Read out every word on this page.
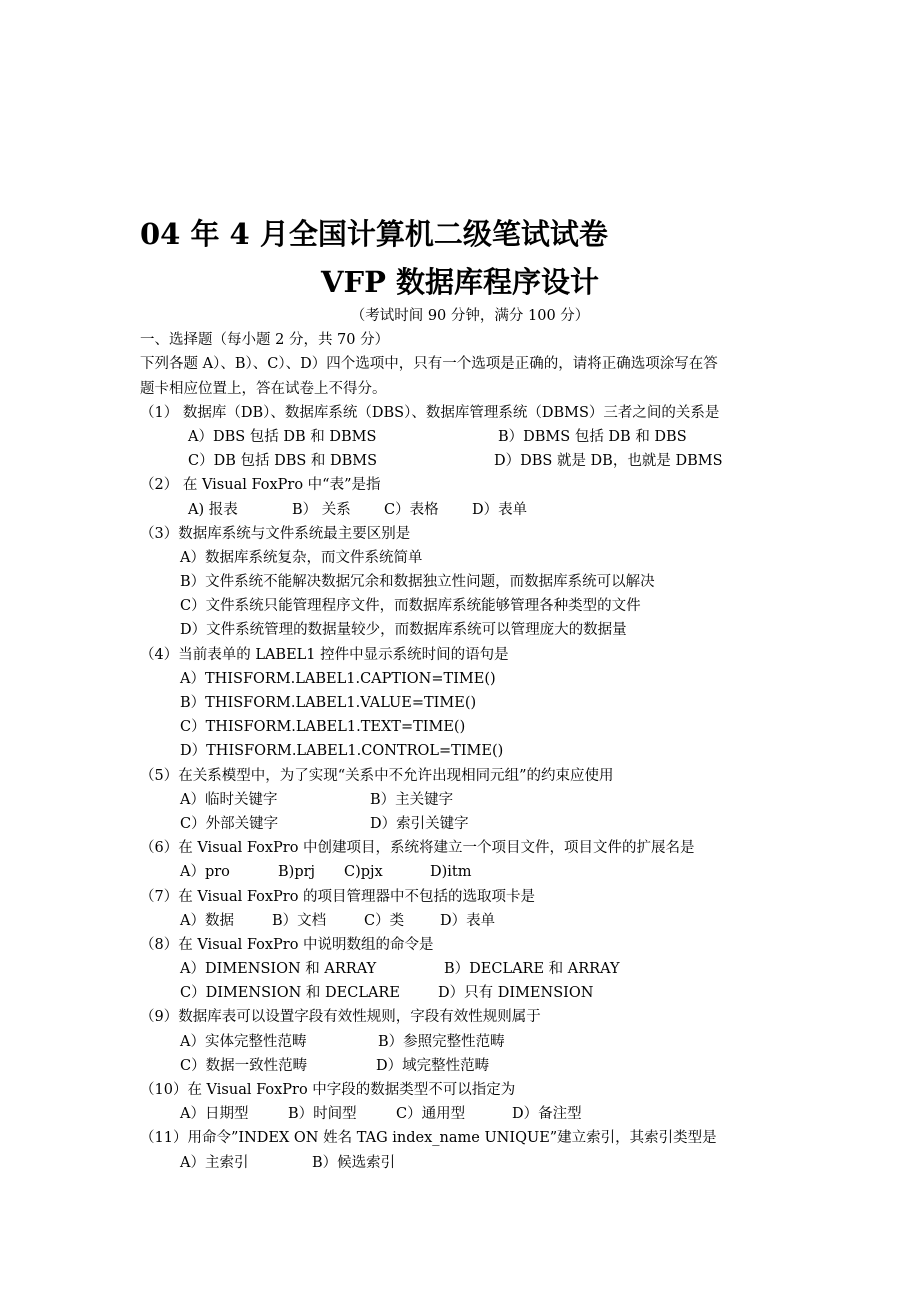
04 年 4 月全国计算机二级笔试试卷
VFP 数据库程序设计
（考试时间 90 分钟，满分 100 分）
一、选择题（每小题 2 分，共 70 分）
下列各题 A）、B）、C）、D）四个选项中，只有一个选项是正确的，请将正确选项涂写在答
题卡相应位置上，答在试卷上不得分。
（1） 数据库（DB）、数据库系统（DBS）、数据库管理系统（DBMS）三者之间的关系是
A）DBS 包括 DB 和 DBMS	B）DBMS 包括 DB 和 DBS
C）DB 包括 DBS 和 DBMS	D）DBS 就是 DB，也就是 DBMS
（2） 在 Visual FoxPro 中“表”是指
A) 报表	B） 关系 C）表格 D）表单
（3）数据库系统与文件系统最主要区别是
A）数据库系统复杂，而文件系统简单
B）文件系统不能解决数据冗余和数据独立性问题，而数据库系统可以解决
C）文件系统只能管理程序文件，而数据库系统能够管理各种类型的文件
D）文件系统管理的数据量较少，而数据库系统可以管理庞大的数据量
（4）当前表单的 LABEL1 控件中显示系统时间的语句是
A）THISFORM.LABEL1.CAPTION=TIME()
B）THISFORM.LABEL1.VALUE=TIME()
C）THISFORM.LABEL1.TEXT=TIME()
D）THISFORM.LABEL1.CONTROL=TIME()
（5）在关系模型中，为了实现“关系中不允许出现相同元组”的约束应使用
A）临时关键字	B）主关键字
C）外部关键字	D）索引关键字
（6）在 Visual FoxPro 中创建项目，系统将建立一个项目文件，项目文件的扩展名是
A）pro	B)prj C)pjx	D)itm
（7）在 Visual FoxPro 的项目管理器中不包括的选取项卡是
A）数据	B）文档	C）类 D）表单
（8）在 Visual FoxPro 中说明数组的命令是
A）DIMENSION 和 ARRAY	B）DECLARE 和 ARRAY
C）DIMENSION 和 DECLARE	D）只有 DIMENSION
（9）数据库表可以设置字段有效性规则，字段有效性规则属于
A）实体完整性范畴	B）参照完整性范畴
C）数据一致性范畴	D）域完整性范畴
（10）在 Visual FoxPro 中字段的数据类型不可以指定为
A）日期型	B）时间型	C）通用型	D）备注型
（11）用命令”INDEX ON 姓名 TAG index_name UNIQUE”建立索引，其索引类型是
A）主索引	B）候选索引
